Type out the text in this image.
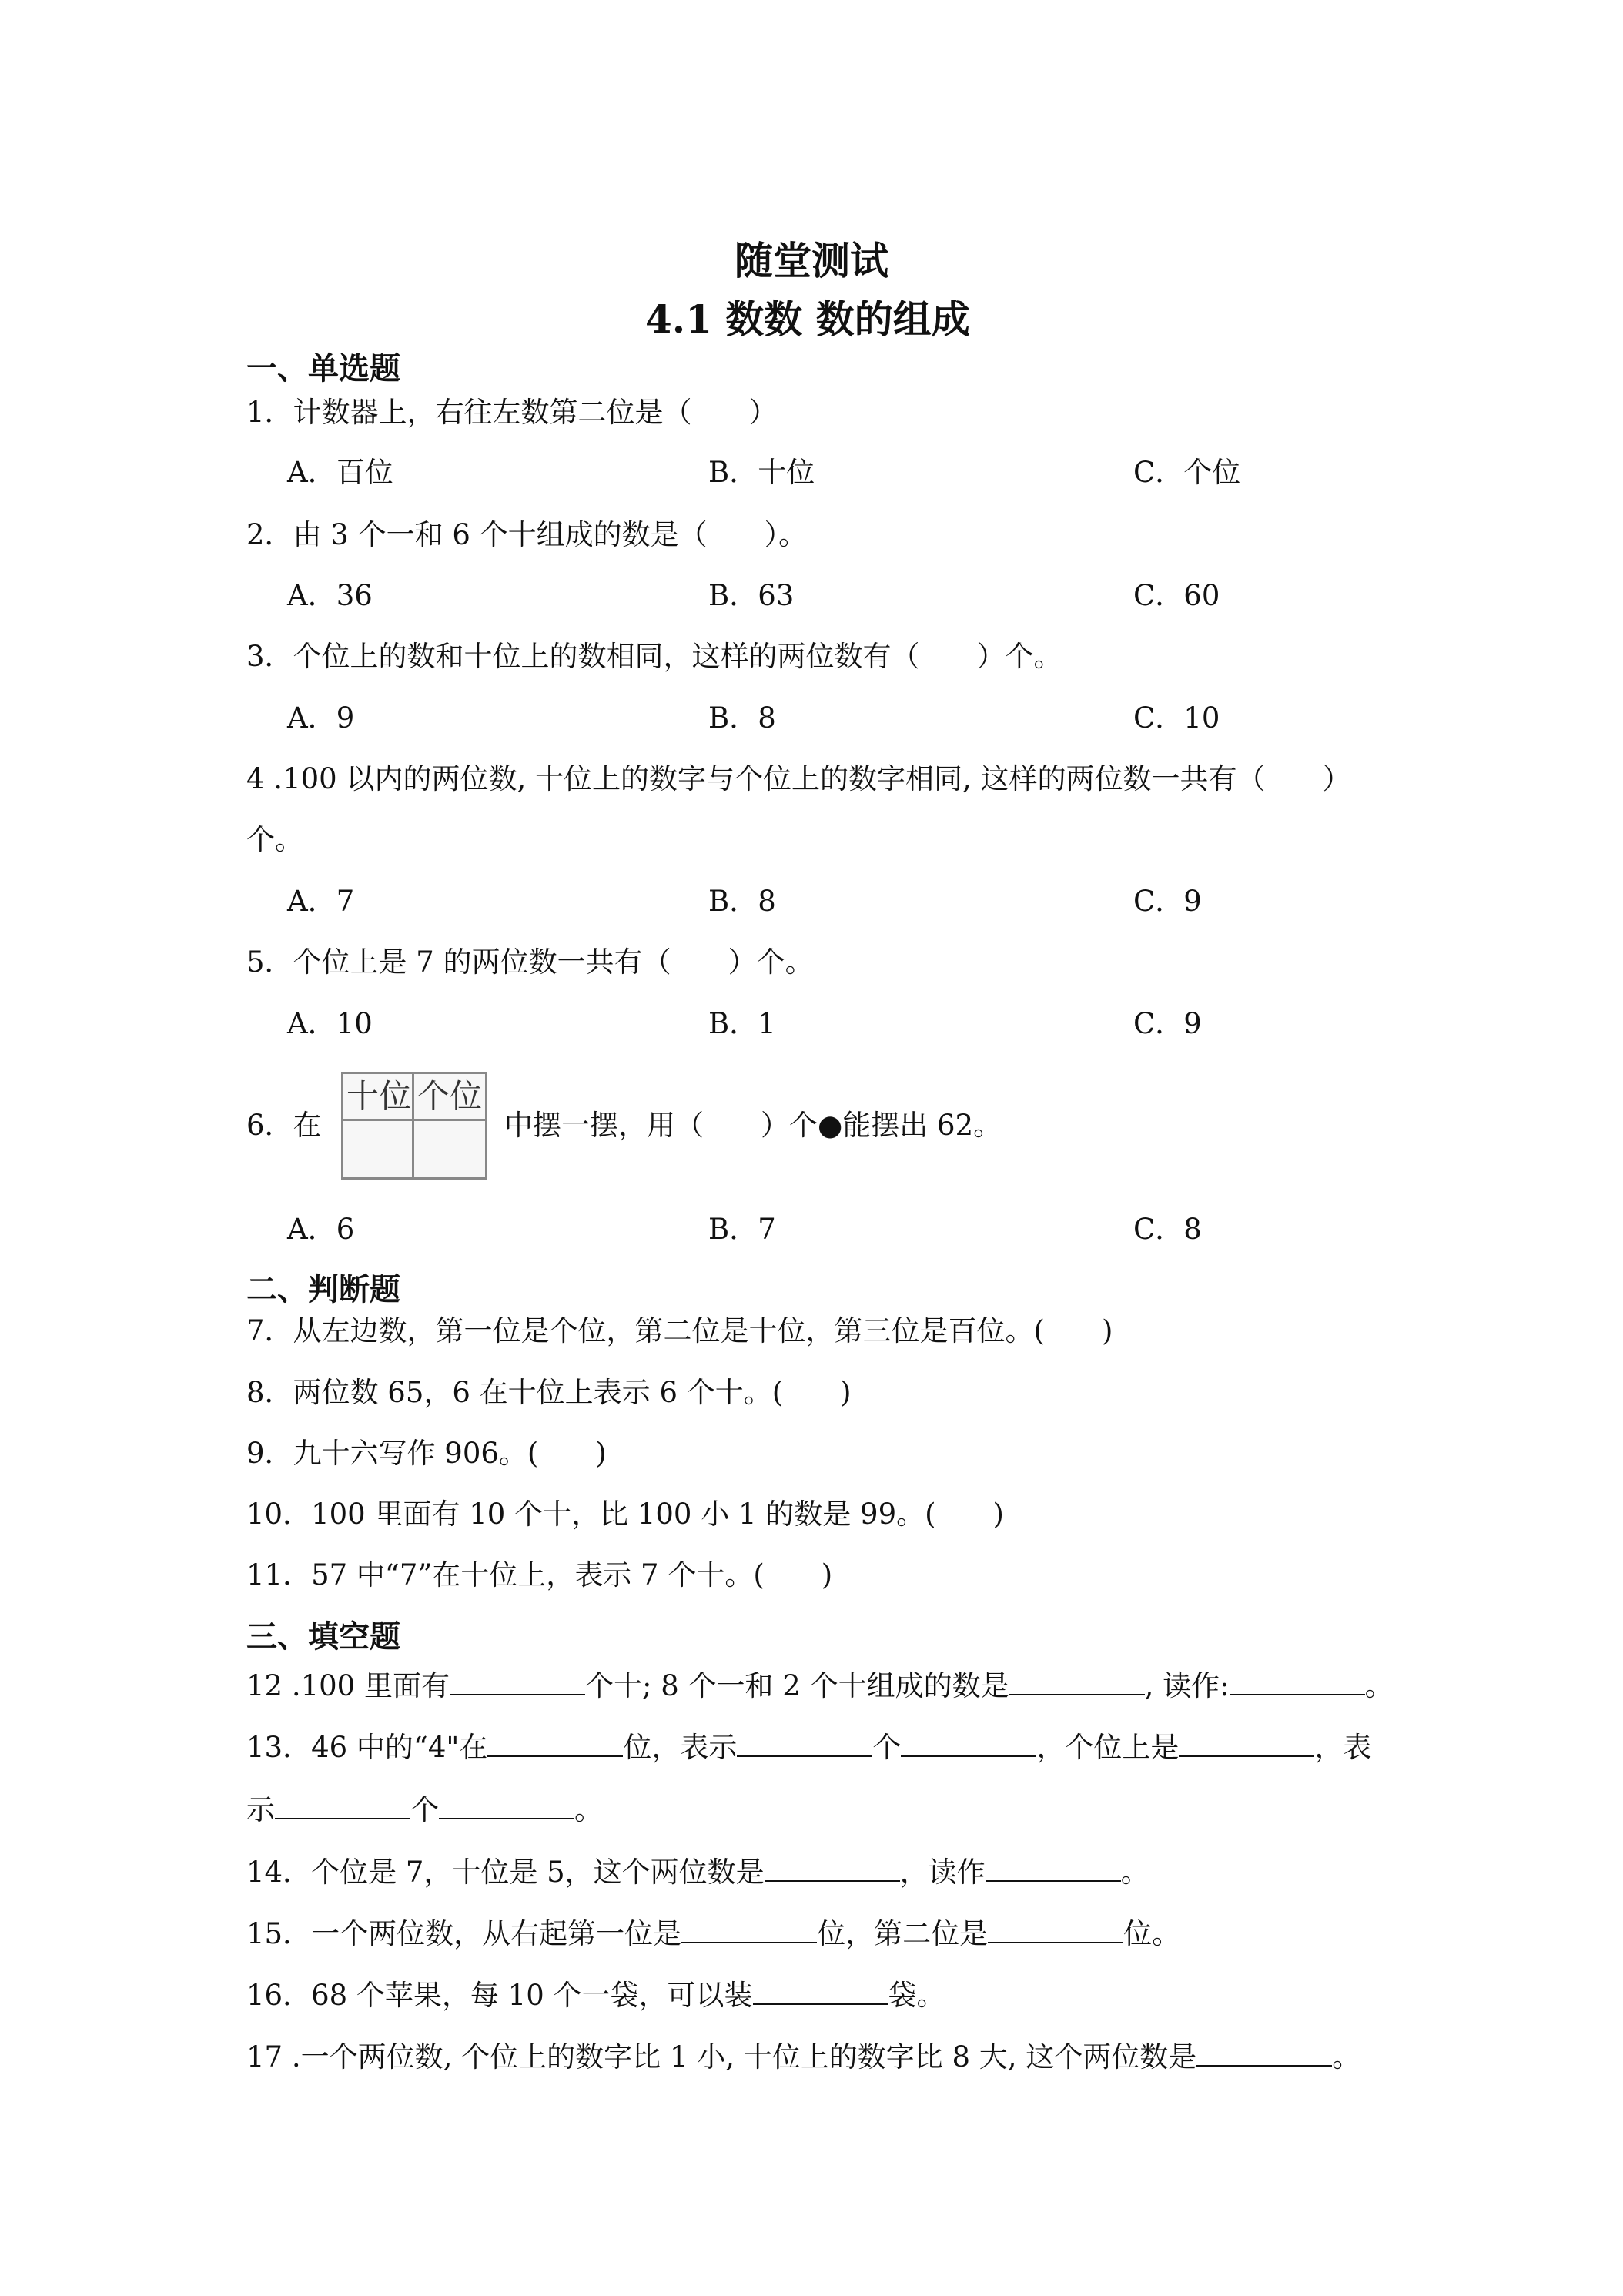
随堂测试
4.1 数数 数的组成
一、单选题
1．计数器上，右往左数第二位是（　　）
A．百位	B．十位	C．个位
2．由 3 个一和 6 个十组成的数是（　　）。
A．36	B．63	C．60
3．个位上的数和十位上的数相同，这样的两位数有（　　）个。
A．9	B．8	C．10
4 .100 以内的两位数, 十位上的数字与个位上的数字相同, 这样的两位数一共有（　　）
个。
A．7	B．8	C．9
5．个位上是 7 的两位数一共有（　　）个。
A．10	B．1	C．9
6．在
十位 个位
中摆一摆，用（　　）个●能摆出 62。
A．6	B．7	C．8
二、判断题
7．从左边数，第一位是个位，第二位是十位，第三位是百位。(　　)
8．两位数 65，6 在十位上表示 6 个十。(　　)
9．九十六写作 906。(　　)
10．100 里面有 10 个十，比 100 小 1 的数是 99。(　　)
11．57 中“7”在十位上，表示 7 个十。(　　)
三、填空题
12 .100 里面有	个十; 8 个一和 2 个十组成的数是	, 读作:	。
13．46 中的“4"在	位，表示	个	，个位上是	，表
示	个	。
14．个位是 7，十位是 5，这个两位数是	，读作	。
15．一个两位数，从右起第一位是	位，第二位是	位。
16．68 个苹果，每 10 个一袋，可以装	袋。
17 .一个两位数, 个位上的数字比 1 小, 十位上的数字比 8 大, 这个两位数是	。
